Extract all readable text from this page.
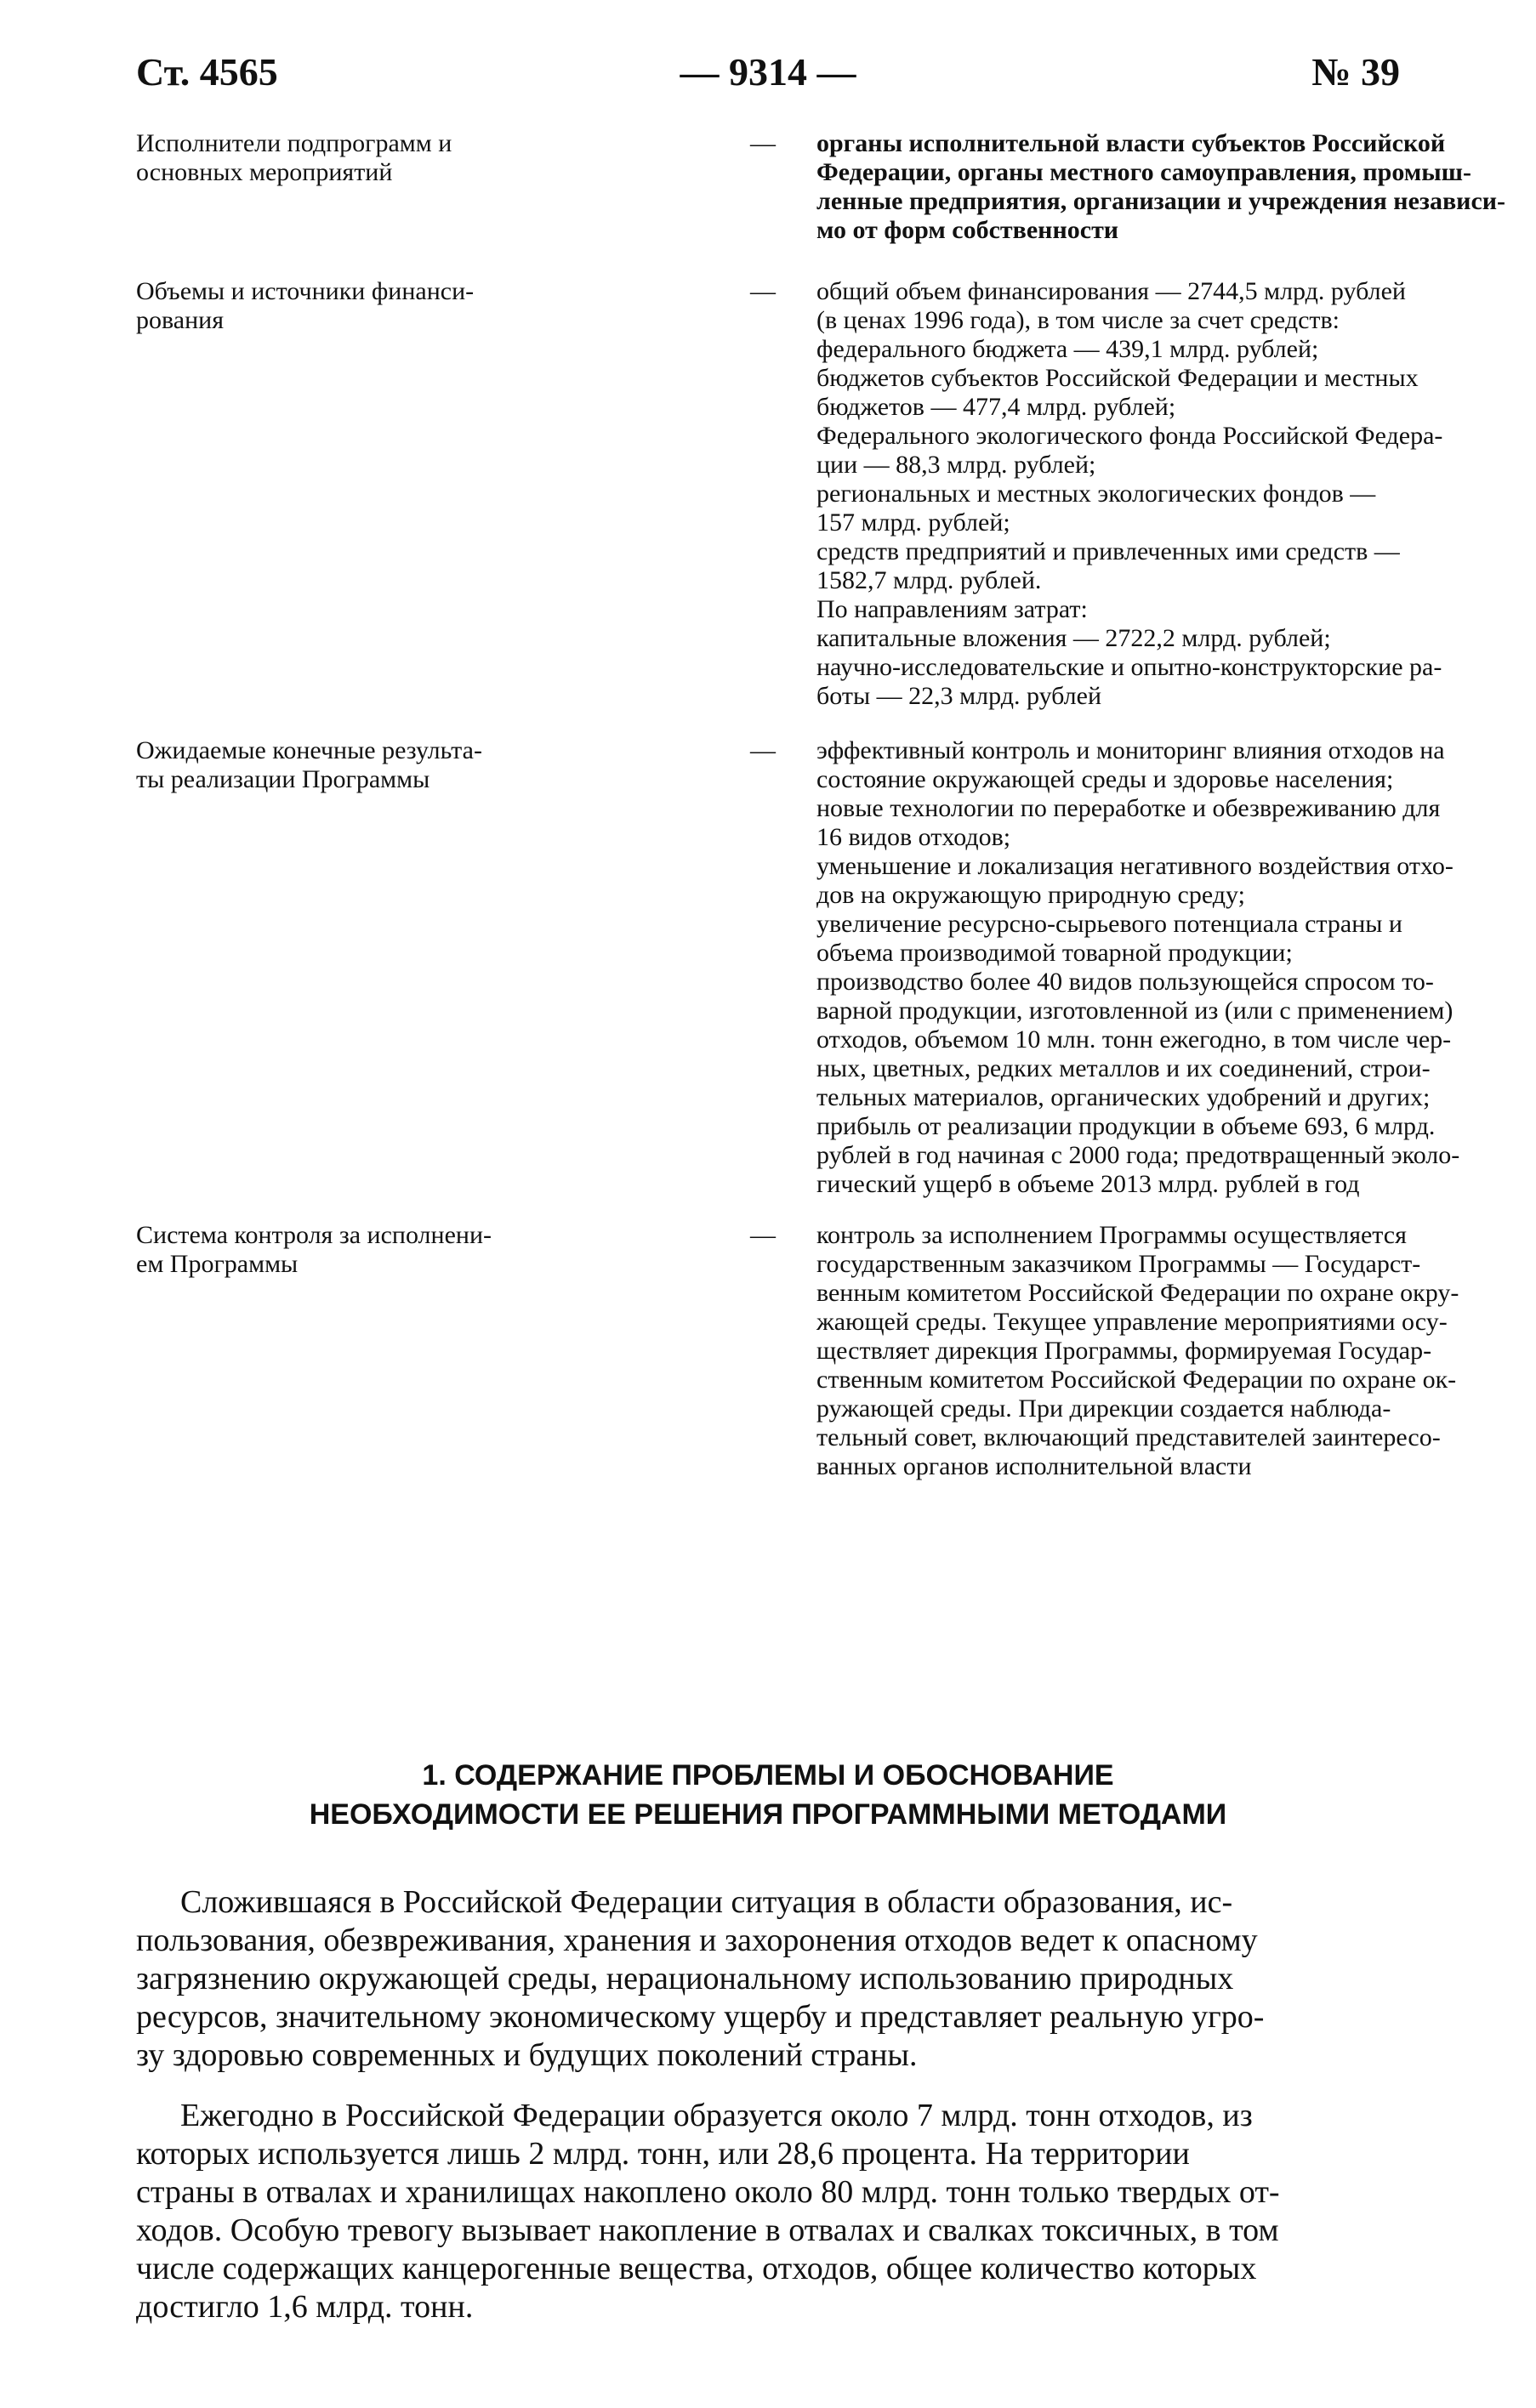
Ст. 4565	— 9314 —	№ 39
Исполнители подпрограмм и
основных мероприятий
— органы исполнительной власти субъектов Российской
Федерации, органы местного самоуправления, промыш-
ленные предприятия, организации и учреждения независи-
мо от форм собственности
Объемы и источники финанси-
рования
— общий объем финансирования — 2744,5 млрд. рублей
(в ценах 1996 года), в том числе за счет средств:
федерального бюджета — 439,1 млрд. рублей;
бюджетов субъектов Российской Федерации и местных
бюджетов — 477,4 млрд. рублей;
Федерального экологического фонда Российской Федера-
ции — 88,3 млрд. рублей;
региональных и местных экологических фондов —
157 млрд. рублей;
средств предприятий и привлеченных ими средств —
1582,7 млрд. рублей.
По направлениям затрат:
капитальные вложения — 2722,2 млрд. рублей;
научно-исследовательские и опытно-конструкторские ра-
боты — 22,3 млрд. рублей
Ожидаемые конечные результа-
ты реализации Программы
— эффективный контроль и мониторинг влияния отходов на
состояние окружающей среды и здоровье населения;
новые технологии по переработке и обезвреживанию для
16 видов отходов;
уменьшение и локализация негативного воздействия отхо-
дов на окружающую природную среду;
увеличение ресурсно-сырьевого потенциала страны и
объема производимой товарной продукции;
производство более 40 видов пользующейся спросом то-
варной продукции, изготовленной из (или с применением)
отходов, объемом 10 млн. тонн ежегодно, в том числе чер-
ных, цветных, редких металлов и их соединений, строи-
тельных материалов, органических удобрений и других;
прибыль от реализации продукции в объеме 693, 6 млрд.
рублей в год начиная с 2000 года; предотвращенный эколо-
гический ущерб в объеме 2013 млрд. рублей в год
Система контроля за исполнени-
ем Программы
— контроль за исполнением Программы осуществляется
государственным заказчиком Программы — Государст-
венным комитетом Российской Федерации по охране окру-
жающей среды. Текущее управление мероприятиями осу-
ществляет дирекция Программы, формируемая Государ-
ственным комитетом Российской Федерации по охране ок-
ружающей среды. При дирекции создается наблюда-
тельный совет, включающий представителей заинтересо-
ванных органов исполнительной власти
1. СОДЕРЖАНИЕ ПРОБЛЕМЫ И ОБОСНОВАНИЕ
НЕОБХОДИМОСТИ ЕЕ РЕШЕНИЯ ПРОГРАММНЫМИ МЕТОДАМИ
Сложившаяся в Российской Федерации ситуация в области образования, ис-
пользования, обезвреживания, хранения и захоронения отходов ведет к опасному
загрязнению окружающей среды, нерациональному использованию природных
ресурсов, значительному экономическому ущербу и представляет реальную угро-
зу здоровью современных и будущих поколений страны.
Ежегодно в Российской Федерации образуется около 7 млрд. тонн отходов, из
которых используется лишь 2 млрд. тонн, или 28,6 процента. На территории
страны в отвалах и хранилищах накоплено около 80 млрд. тонн только твердых от-
ходов. Особую тревогу вызывает накопление в отвалах и свалках токсичных, в том
числе содержащих канцерогенные вещества, отходов, общее количество которых
достигло 1,6 млрд. тонн.
